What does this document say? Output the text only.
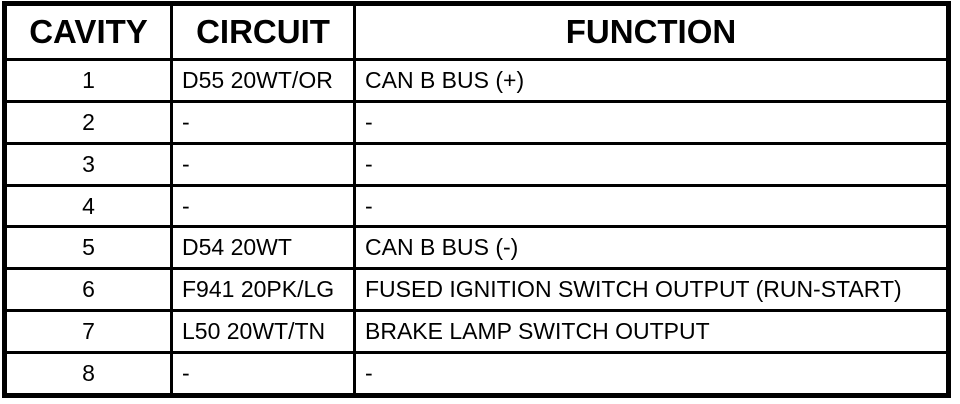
CAVITY	CIRCUIT	FUNCTION
1	D55 20WT/OR	CAN B BUS (+)
2	-	-
3	-	-
4	-	-
5	D54 20WT	CAN B BUS (-)
6	F941 20PK/LG	FUSED IGNITION SWITCH OUTPUT (RUN-START)
7	L50 20WT/TN	BRAKE LAMP SWITCH OUTPUT
8	-	-
